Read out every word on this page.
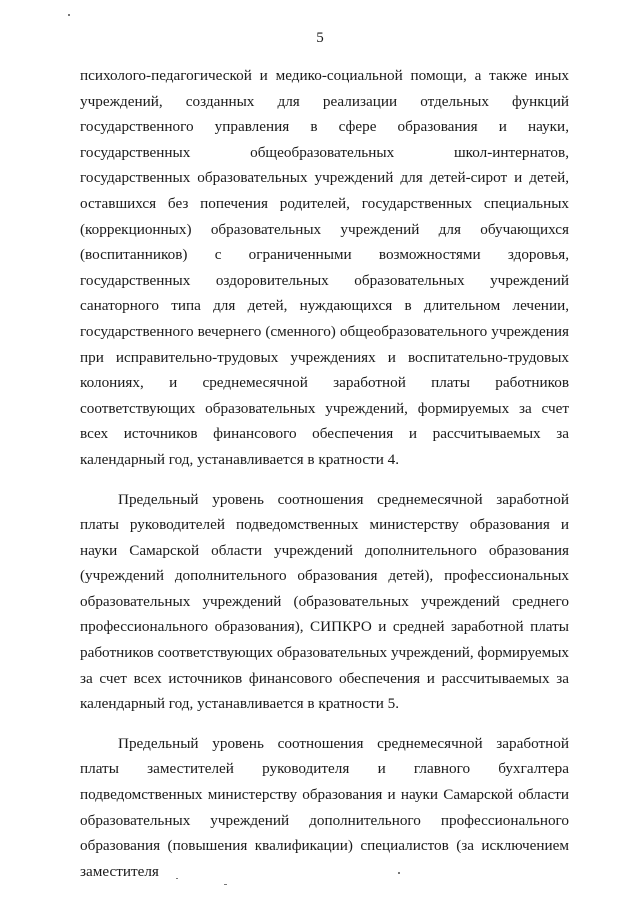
5

психолого-педагогической и медико-социальной помощи, а также иных учреждений, созданных для реализации отдельных функций государственного управления в сфере образования и науки, государственных общеобразовательных школ-интернатов, государственных образовательных учреждений для детей-сирот и детей, оставшихся без попечения родителей, государственных специальных (коррекционных) образовательных учреждений для обучающихся (воспитанников) с ограниченными возможностями здоровья, государственных оздоровительных образовательных учреждений санаторного типа для детей, нуждающихся в длительном лечении, государственного вечернего (сменного) общеобразовательного учреждения при исправительно-трудовых учреждениях и воспитательно-трудовых колониях, и среднемесячной заработной платы работников соответствующих образовательных учреждений, формируемых за счет всех источников финансового обеспечения и рассчитываемых за календарный год, устанавливается в кратности 4.

Предельный уровень соотношения среднемесячной заработной платы руководителей подведомственных министерству образования и науки Самарской области учреждений дополнительного образования (учреждений дополнительного образования детей), профессиональных образовательных учреждений (образовательных учреждений среднего профессионального образования), СИПКРО и средней заработной платы работников соответствующих образовательных учреждений, формируемых за счет всех источников финансового обеспечения и рассчитываемых за календарный год, устанавливается в кратности 5.

Предельный уровень соотношения среднемесячной заработной платы заместителей руководителя и главного бухгалтера подведомственных министерству образования и науки Самарской области образовательных учреждений дополнительного профессионального образования (повышения квалификации) специалистов (за исключением заместителя
